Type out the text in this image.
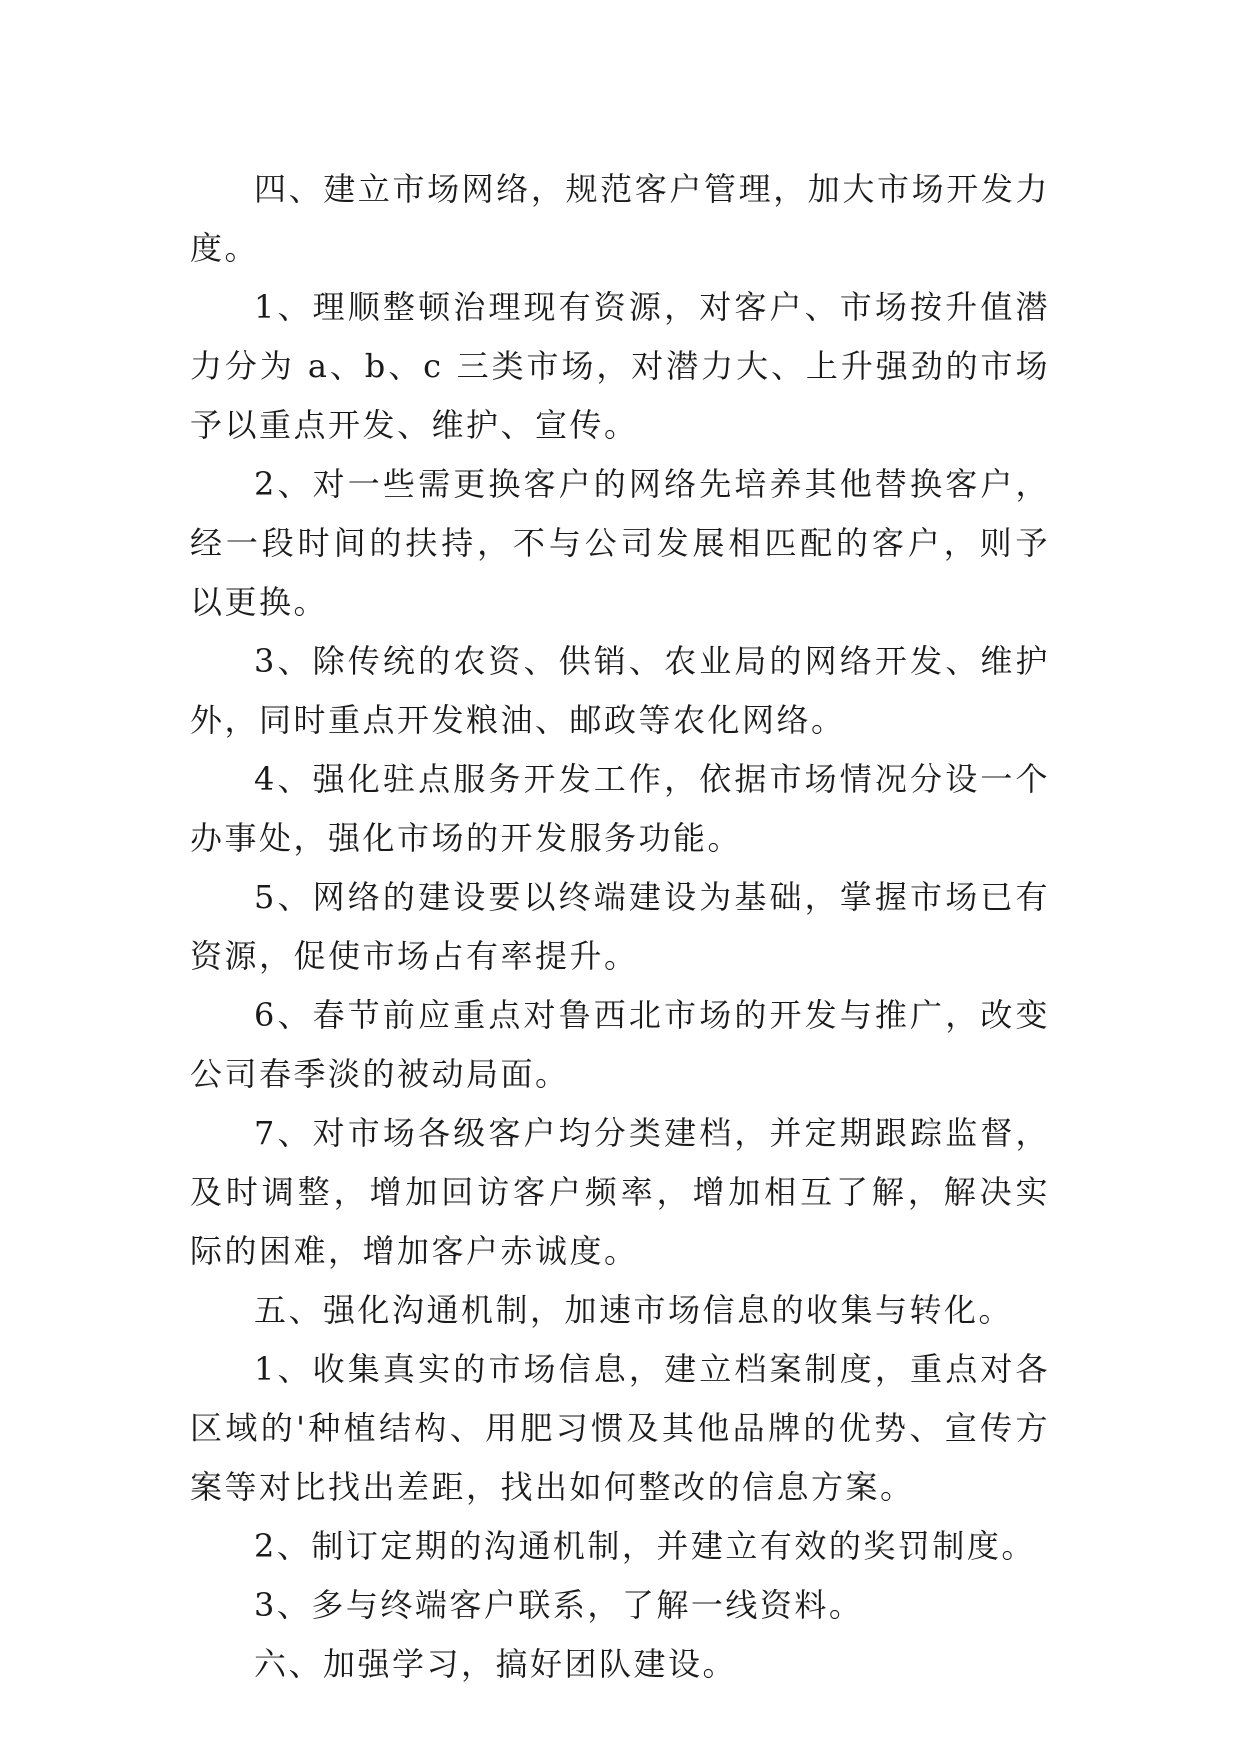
四、建立市场网络，规范客户管理，加大市场开发力度。

1、理顺整顿治理现有资源，对客户、市场按升值潜力分为 a、b、c 三类市场，对潜力大、上升强劲的市场予以重点开发、维护、宣传。

2、对一些需更换客户的网络先培养其他替换客户，经一段时间的扶持，不与公司发展相匹配的客户，则予以更换。

3、除传统的农资、供销、农业局的网络开发、维护外，同时重点开发粮油、邮政等农化网络。

4、强化驻点服务开发工作，依据市场情况分设一个办事处，强化市场的开发服务功能。

5、网络的建设要以终端建设为基础，掌握市场已有资源，促使市场占有率提升。

6、春节前应重点对鲁西北市场的开发与推广，改变公司春季淡的被动局面。

7、对市场各级客户均分类建档，并定期跟踪监督，及时调整，增加回访客户频率，增加相互了解，解决实际的困难，增加客户赤诚度。

五、强化沟通机制，加速市场信息的收集与转化。

1、收集真实的市场信息，建立档案制度，重点对各区域的'种植结构、用肥习惯及其他品牌的优势、宣传方案等对比找出差距，找出如何整改的信息方案。

2、制订定期的沟通机制，并建立有效的奖罚制度。

3、多与终端客户联系，了解一线资料。

六、加强学习，搞好团队建设。
